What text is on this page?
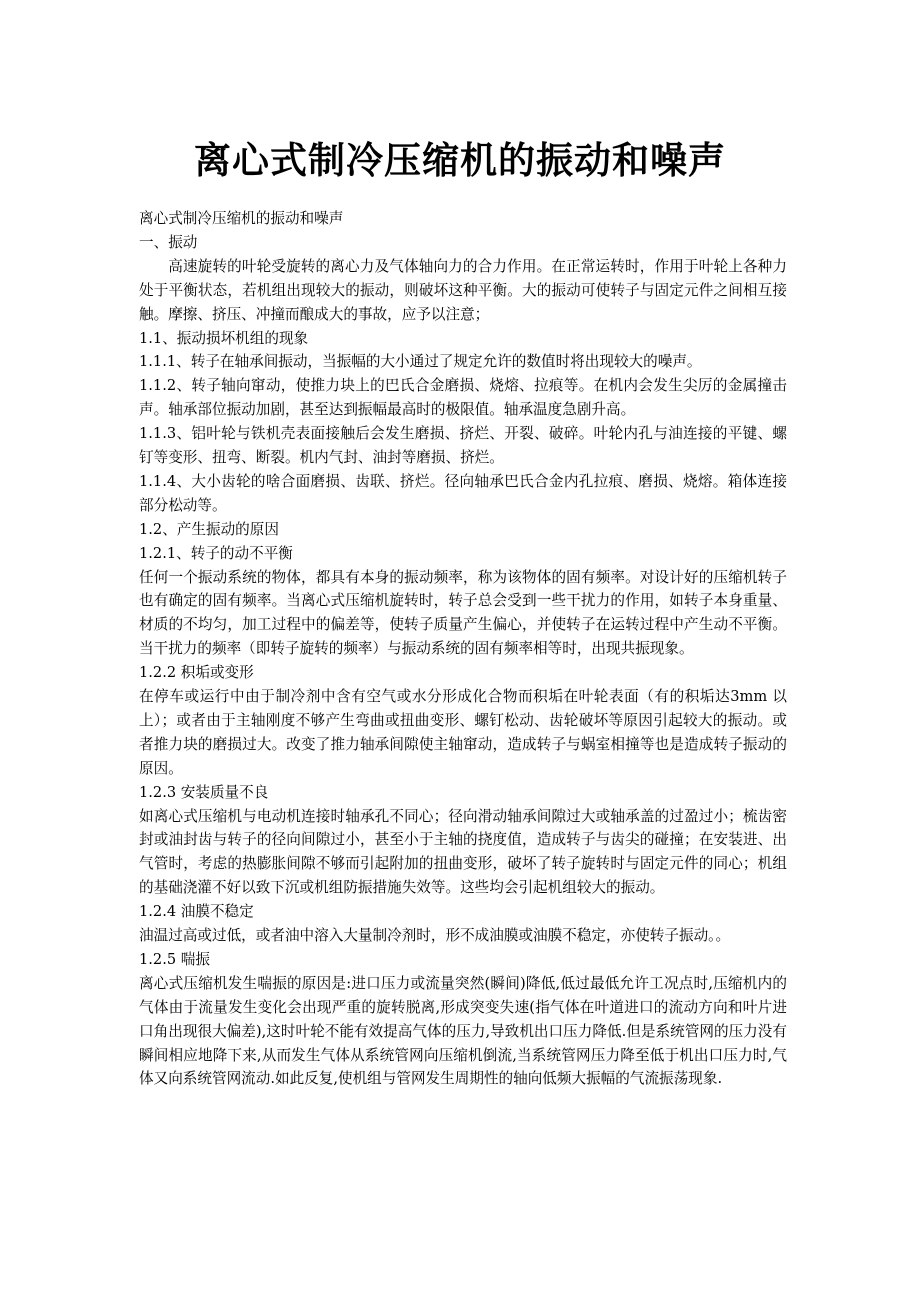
离心式制冷压缩机的振动和噪声

离心式制冷压缩机的振动和噪声

一、振动

高速旋转的叶轮受旋转的离心力及气体轴向力的合力作用。在正常运转时，作用于叶轮上各种力处于平衡状态，若机组出现较大的振动，则破坏这种平衡。大的振动可使转子与固定元件之间相互接触。摩擦、挤压、冲撞而酿成大的事故，应予以注意；

1.1、振动损坏机组的现象

1.1.1、转子在轴承间振动，当振幅的大小通过了规定允许的数值时将出现较大的噪声。

1.1.2、转子轴向窜动，使推力块上的巴氏合金磨损、烧熔、拉痕等。在机内会发生尖厉的金属撞击声。轴承部位振动加剧，甚至达到振幅最高时的极限值。轴承温度急剧升高。

1.1.3、铝叶轮与铁机壳表面接触后会发生磨损、挤烂、开裂、破碎。叶轮内孔与油连接的平键、螺钉等变形、扭弯、断裂。机内气封、油封等磨损、挤烂。

1.1.4、大小齿轮的啥合面磨损、齿联、挤烂。径向轴承巴氏合金内孔拉痕、磨损、烧熔。箱体连接部分松动等。

1.2、产生振动的原因

1.2.1、转子的动不平衡

任何一个振动系统的物体，都具有本身的振动频率，称为该物体的固有频率。对设计好的压缩机转子也有确定的固有频率。当离心式压缩机旋转时，转子总会受到一些干扰力的作用，如转子本身重量、材质的不均匀，加工过程中的偏差等，使转子质量产生偏心，并使转子在运转过程中产生动不平衡。当干扰力的频率（即转子旋转的频率）与振动系统的固有频率相等时，出现共振现象。

1.2.2 积垢或变形

在停车或运行中由于制冷剂中含有空气或水分形成化合物而积垢在叶轮表面（有的积垢达3mm 以上）；或者由于主轴刚度不够产生弯曲或扭曲变形、螺钉松动、齿轮破坏等原因引起较大的振动。或者推力块的磨损过大。改变了推力轴承间隙使主轴窜动，造成转子与蜗室相撞等也是造成转子振动的原因。

1.2.3 安装质量不良

如离心式压缩机与电动机连接时轴承孔不同心；径向滑动轴承间隙过大或轴承盖的过盈过小；梳齿密封或油封齿与转子的径向间隙过小，甚至小于主轴的挠度值，造成转子与齿尖的碰撞；在安装进、出气管时，考虑的热膨胀间隙不够而引起附加的扭曲变形，破坏了转子旋转时与固定元件的同心；机组的基础浇灌不好以致下沉或机组防振措施失效等。这些均会引起机组较大的振动。

1.2.4 油膜不稳定

油温过高或过低，或者油中溶入大量制冷剂时，形不成油膜或油膜不稳定，亦使转子振动。。

1.2.5 喘振

离心式压缩机发生喘振的原因是:进口压力或流量突然(瞬间)降低,低过最低允许工况点时,压缩机内的气体由于流量发生变化会出现严重的旋转脱离,形成突变失速(指气体在叶道进口的流动方向和叶片进口角出现很大偏差),这时叶轮不能有效提高气体的压力,导致机出口压力降低.但是系统管网的压力没有瞬间相应地降下来,从而发生气体从系统管网向压缩机倒流,当系统管网压力降至低于机出口压力时,气体又向系统管网流动.如此反复,使机组与管网发生周期性的轴向低频大振幅的气流振荡现象.
